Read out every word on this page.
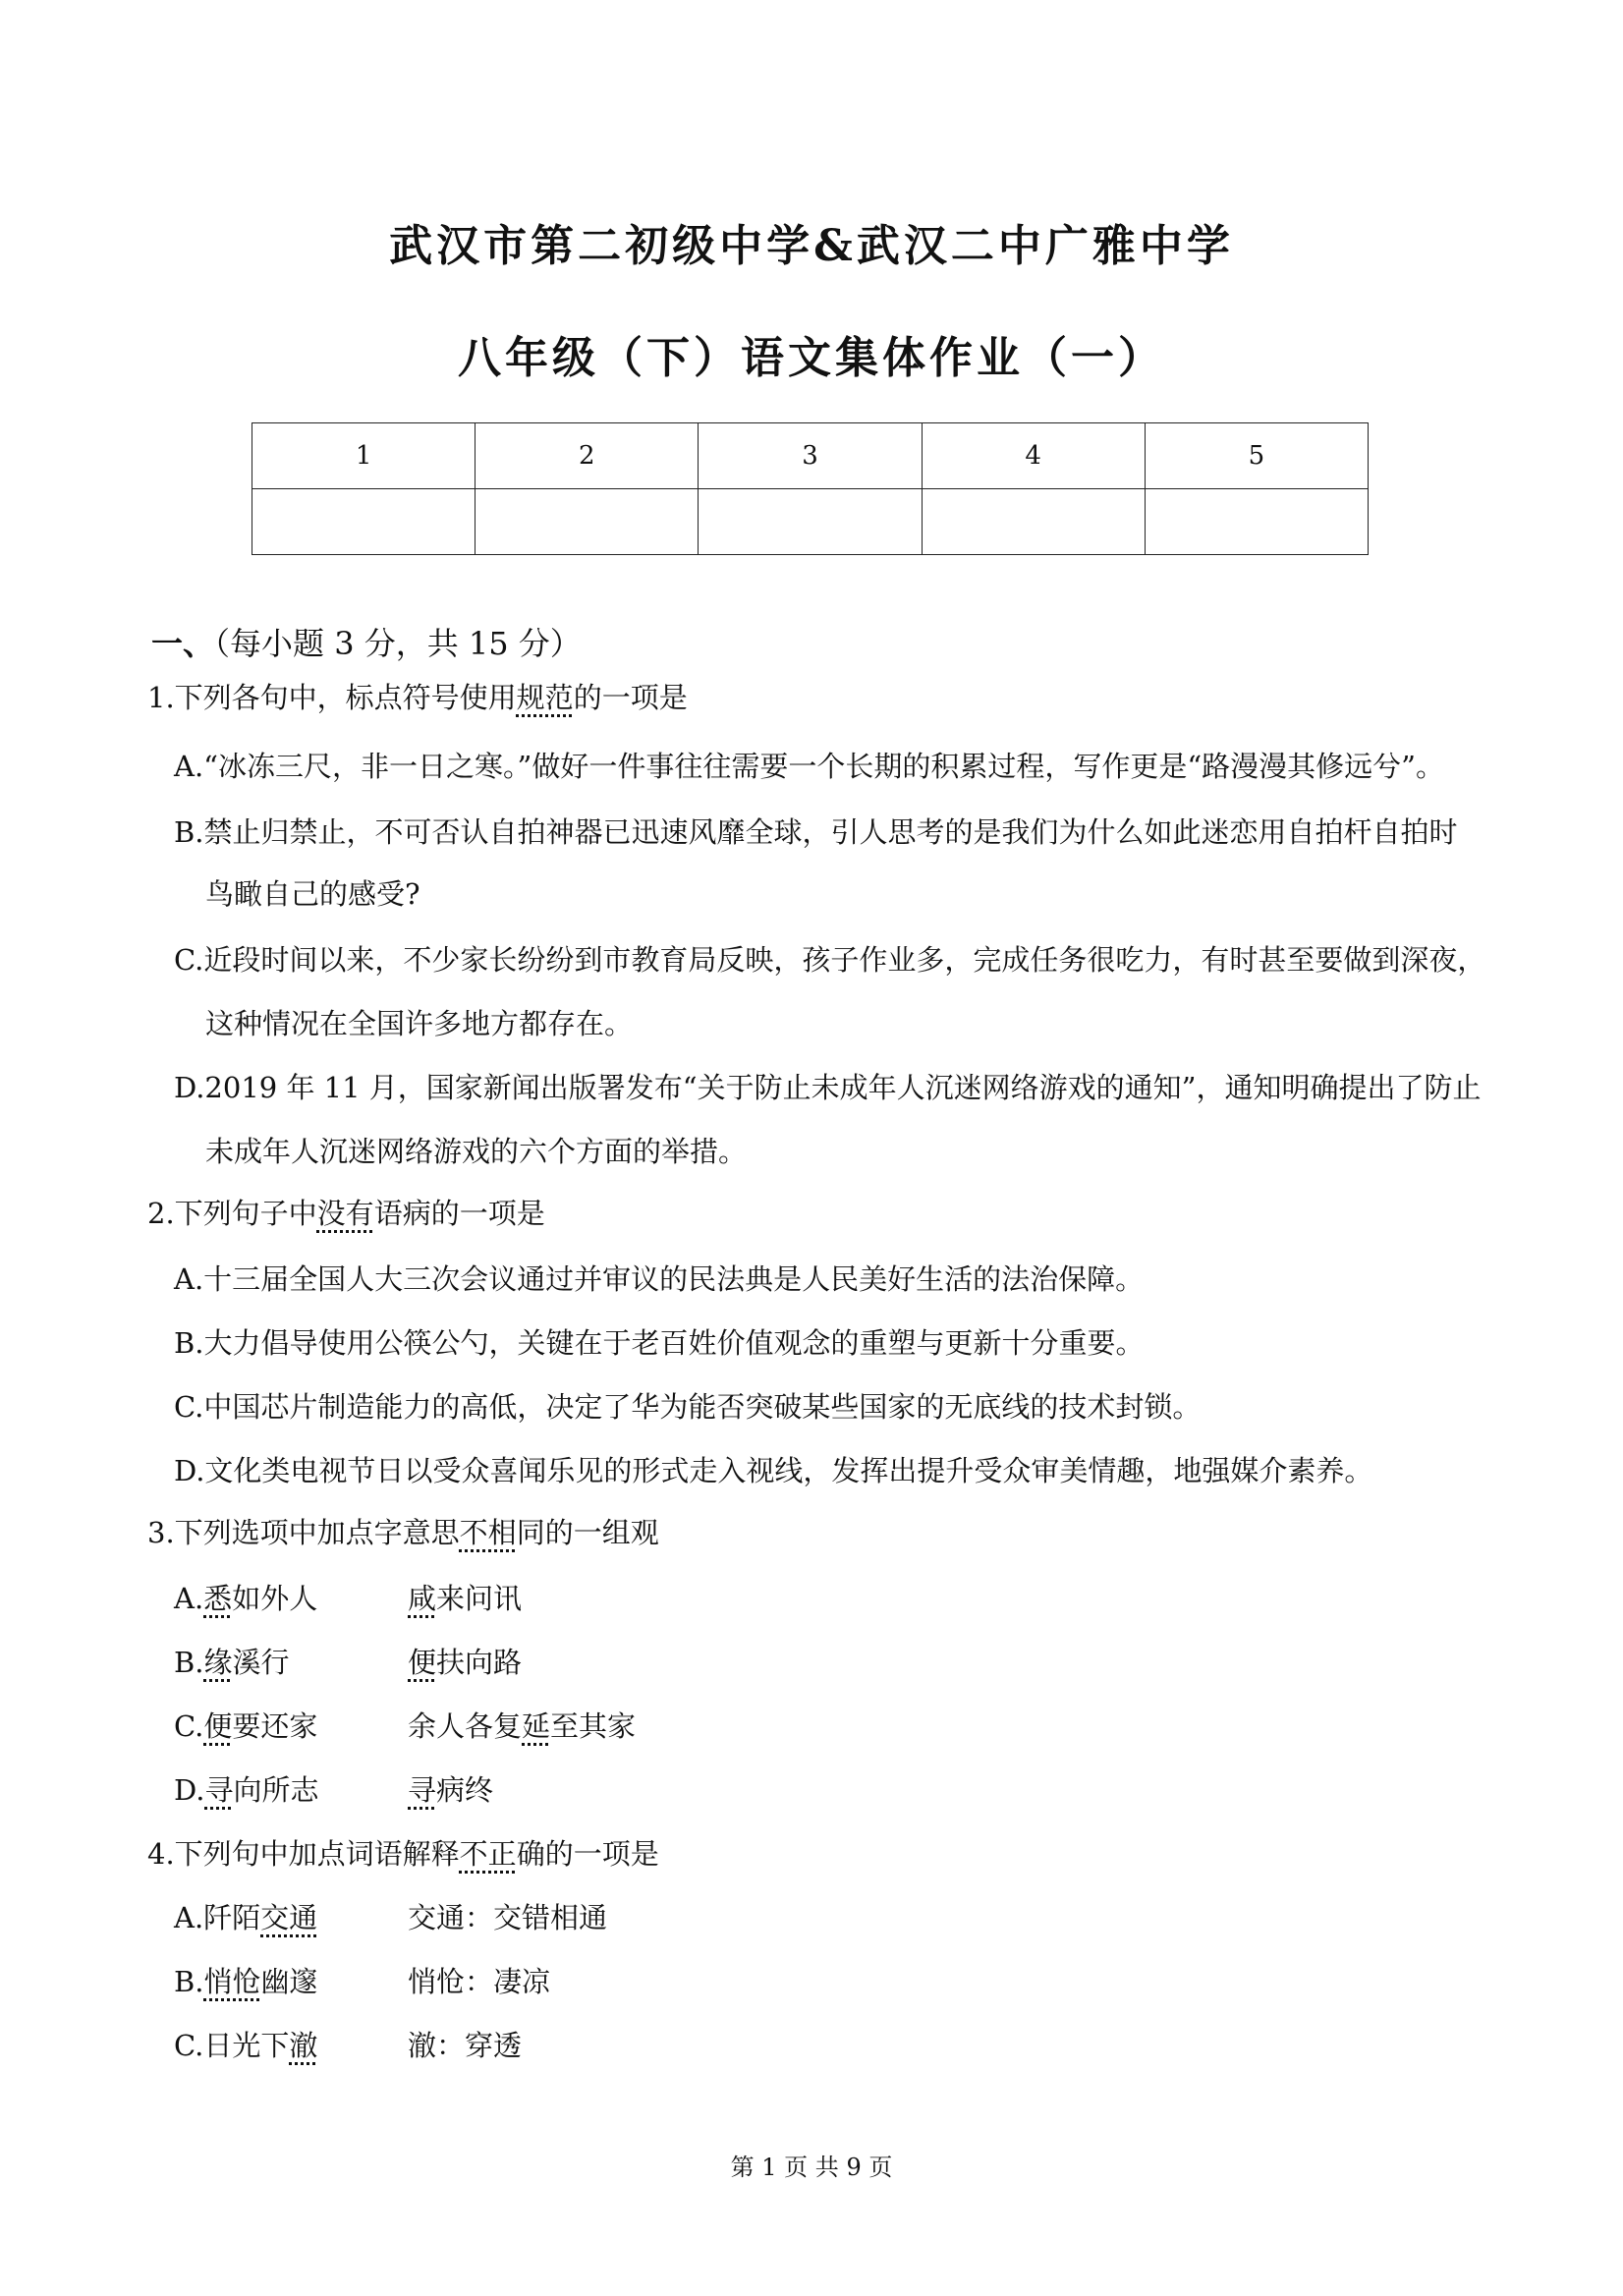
武汉市第二初级中学&武汉二中广雅中学
八年级（下）语文集体作业（一）
1	2	3	4	5

一、（每小题 3 分，共 15 分）
1.下列各句中，标点符号使用规范的一项是
A.“冰冻三尺，非一日之寒。”做好一件事往往需要一个长期的积累过程，写作更是“路漫漫其修远兮”。
B.禁止归禁止，不可否认自拍神器已迅速风靡全球，引人思考的是我们为什么如此迷恋用自拍杆自拍时
鸟瞰自己的感受?
C.近段时间以来，不少家长纷纷到市教育局反映，孩子作业多，完成任务很吃力，有时甚至要做到深夜，
这种情况在全国许多地方都存在。
D.2019 年 11 月，国家新闻出版署发布“关于防止未成年人沉迷网络游戏的通知”，通知明确提出了防止
未成年人沉迷网络游戏的六个方面的举措。
2.下列句子中没有语病的一项是
A.十三届全国人大三次会议通过并审议的民法典是人民美好生活的法治保障。
B.大力倡导使用公筷公勺，关键在于老百姓价值观念的重塑与更新十分重要。
C.中国芯片制造能力的高低，决定了华为能否突破某些国家的无底线的技术封锁。
D.文化类电视节日以受众喜闻乐见的形式走入视线，发挥出提升受众审美情趣，地强媒介素养。
3.下列选项中加点字意思不相同的一组观
A.悉如外人	咸来问讯
B.缘溪行	便扶向路
C.便要还家	余人各复延至其家
D.寻向所志	寻病终
4.下列句中加点词语解释不正确的一项是
A.阡陌交通	交通：交错相通
B.悄怆幽邃	悄怆：凄凉
C.日光下澈	澈：穿透
第 1 页 共 9 页
